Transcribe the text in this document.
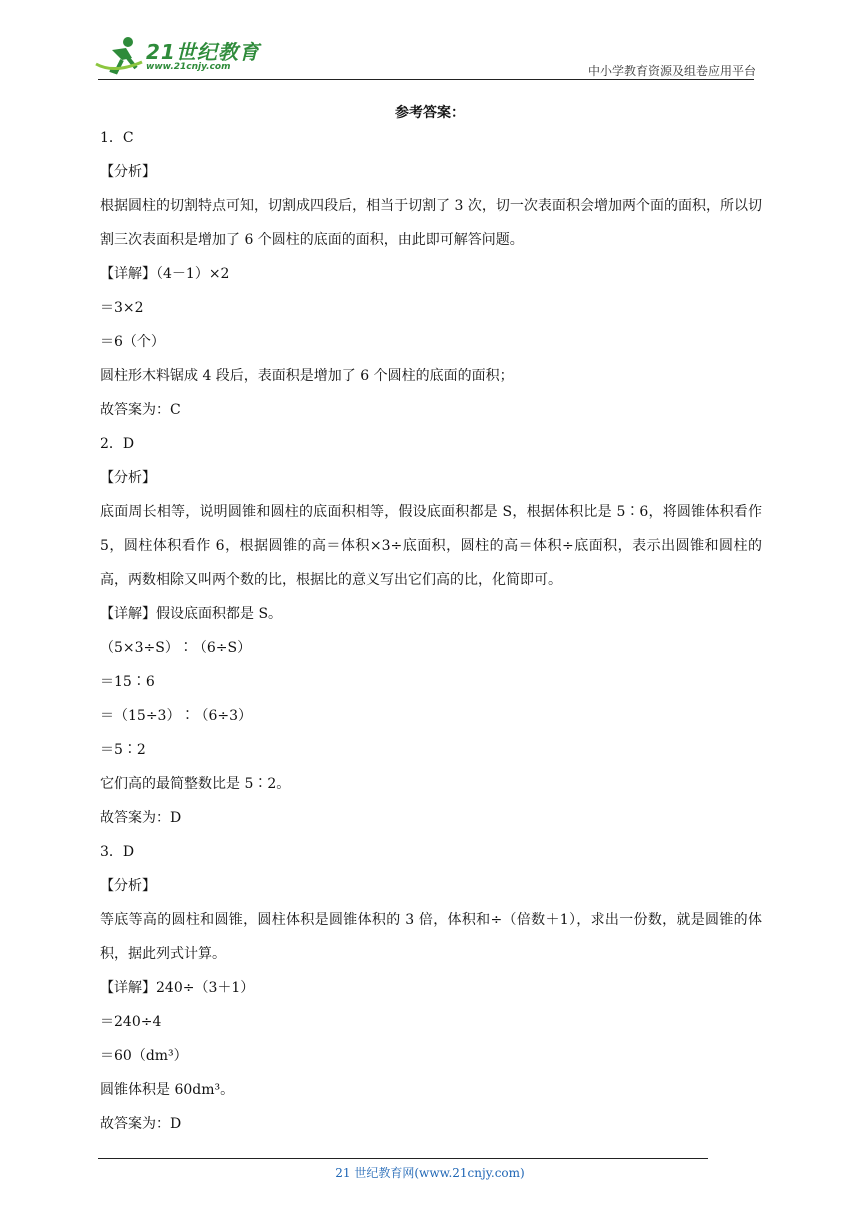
21世纪教育
www.21cnjy.com	中小学教育资源及组卷应用平台
参考答案：
1．C
【分析】
根据圆柱的切割特点可知，切割成四段后，相当于切割了 3 次，切一次表面积会增加两个面的面积，所以切割三次表面积是增加了 6 个圆柱的底面的面积，由此即可解答问题。
【详解】（4－1）×2
＝3×2
＝6（个）
圆柱形木料锯成 4 段后，表面积是增加了 6 个圆柱的底面的面积；
故答案为：C
2．D
【分析】
底面周长相等，说明圆锥和圆柱的底面积相等，假设底面积都是 S，根据体积比是 5∶6，将圆锥体积看作 5，圆柱体积看作 6，根据圆锥的高＝体积×3÷底面积，圆柱的高＝体积÷底面积，表示出圆锥和圆柱的高，两数相除又叫两个数的比，根据比的意义写出它们高的比，化简即可。
【详解】假设底面积都是 S。
（5×3÷S）∶（6÷S）
＝15∶6
＝（15÷3）∶（6÷3）
＝5∶2
它们高的最简整数比是 5∶2。
故答案为：D
3．D
【分析】
等底等高的圆柱和圆锥，圆柱体积是圆锥体积的 3 倍，体积和÷（倍数＋1），求出一份数，就是圆锥的体积，据此列式计算。
【详解】240÷（3＋1）
＝240÷4
＝60（dm³）
圆锥体积是 60dm³。
故答案为：D
21 世纪教育网(www.21cnjy.com)
